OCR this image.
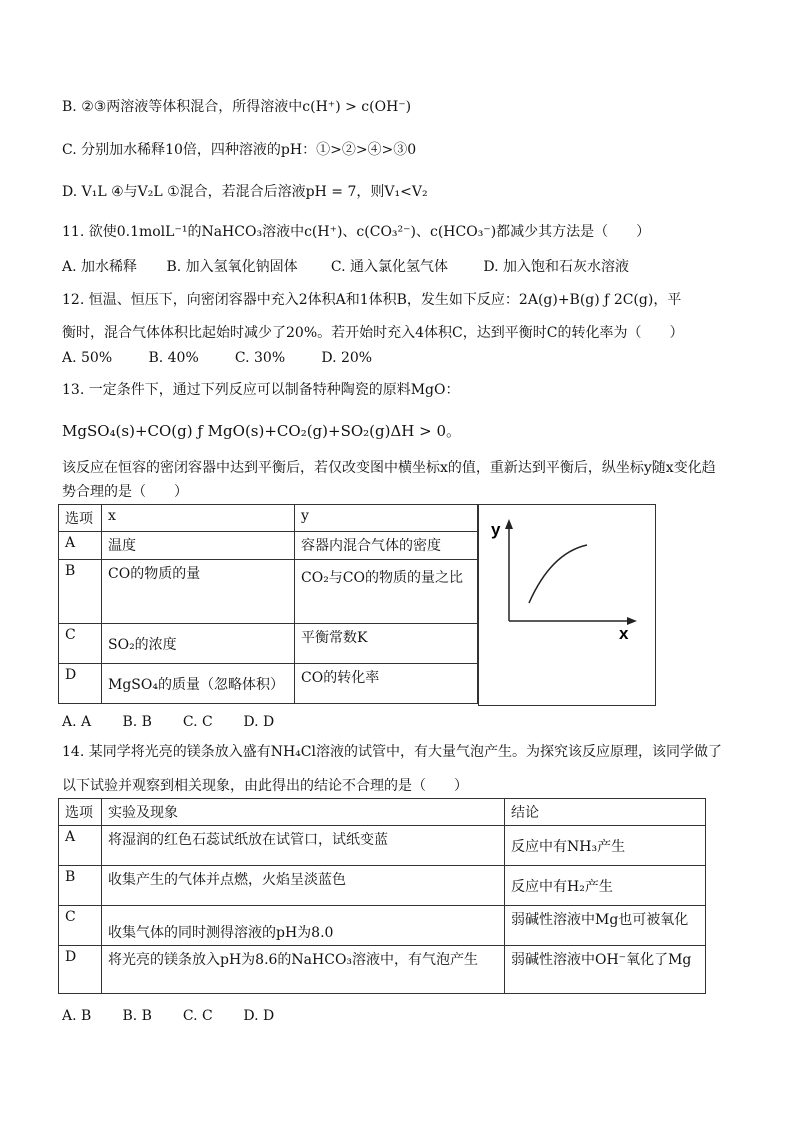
B. ②③两溶液等体积混合，所得溶液中c(H⁺) > c(OH⁻)
C. 分别加水稀释10倍，四种溶液的pH：①>②>④>③0
D. V₁L ④与V₂L ①混合，若混合后溶液pH = 7，则V₁<V₂
11. 欲使0.1molL⁻¹的NaHCO₃溶液中c(H⁺)、c(CO₃²⁻)、c(HCO₃⁻)都减少其方法是（　　）
A. 加水稀释 B. 加入氢氧化钠固体 C. 通入氯化氢气体	D. 加入饱和石灰水溶液
12. 恒温、恒压下，向密闭容器中充入2体积A和1体积B，发生如下反应：2A(g)+B(g) ƒ 2C(g)，平
衡时，混合气体体积比起始时减少了20%。若开始时充入4体积C，达到平衡时C的转化率为（　　）
A. 50%	B. 40%	C. 30%	D. 20%
13. 一定条件下，通过下列反应可以制备特种陶瓷的原料MgO：
MgSO₄(s)+CO(g) ƒ MgO(s)+CO₂(g)+SO₂(g)ΔH > 0。
该反应在恒容的密闭容器中达到平衡后，若仅改变图中横坐标x的值，重新达到平衡后，纵坐标y随x变化趋
势合理的是（　　）
选项	x	y
A	温度	容器内混合气体的密度
B	CO的物质的量	CO₂与CO的物质的量之比
C	SO₂的浓度	平衡常数K
D	MgSO₄的质量（忽略体积）	CO的转化率
y
x
A. A B. B C. C D. D
14. 某同学将光亮的镁条放入盛有NH₄Cl溶液的试管中，有大量气泡产生。为探究该反应原理，该同学做了
以下试验并观察到相关现象，由此得出的结论不合理的是（　　）
选项	实验及现象	结论
A	将湿润的红色石蕊试纸放在试管口，试纸变蓝	反应中有NH₃产生
B	收集产生的气体并点燃，火焰呈淡蓝色	反应中有H₂产生
C	收集气体的同时测得溶液的pH为8.0	弱碱性溶液中Mg也可被氧化
D	将光亮的镁条放入pH为8.6的NaHCO₃溶液中，有气泡产生	弱碱性溶液中OH⁻氧化了Mg
A. B B. B C. C D. D
